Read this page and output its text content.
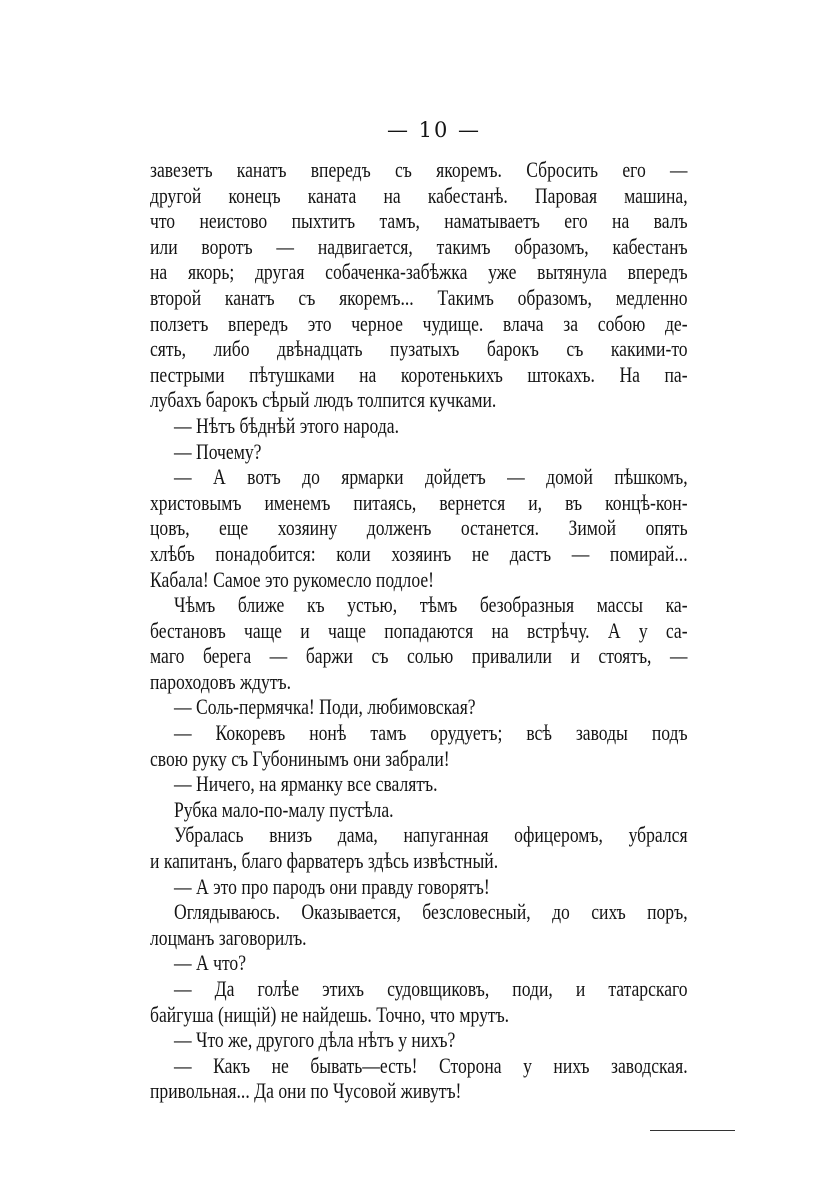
— 10 —
завезетъ канатъ впередъ съ якоремъ. Сбросить его —
другой конецъ каната на кабестанѣ. Паровая машина,
что неистово пыхтитъ тамъ, наматываетъ его на валъ
или воротъ — надвигается, такимъ образомъ, кабестанъ
на якорь; другая собаченка-забѣжка уже вытянула впередъ
второй канатъ съ якоремъ... Такимъ образомъ, медленно
ползетъ впередъ это черное чудище. влача за собою де-
сять, либо двѣнадцать пузатыхъ барокъ съ какими-то
пестрыми пѣтушками на коротенькихъ штокахъ. На па-
лубахъ барокъ сѣрый людъ толпится кучками.
— Нѣтъ бѣднѣй этого народа.
— Почему?
— А вотъ до ярмарки дойдетъ — домой пѣшкомъ,
христовымъ именемъ питаясь, вернется и, въ концѣ-кон-
цовъ, еще хозяину долженъ останется. Зимой опять
хлѣбъ понадобится: коли хозяинъ не дастъ — помирай...
Кабала! Самое это рукомесло подлое!
Чѣмъ ближе къ устью, тѣмъ безобразныя массы ка-
бестановъ чаще и чаще попадаются на встрѣчу. А у са-
маго берега — баржи съ солью привалили и стоятъ, —
пароходовъ ждутъ.
— Соль-пермячка! Поди, любимовская?
— Кокоревъ нонѣ тамъ орудуетъ; всѣ заводы подъ
свою руку съ Губонинымъ они забрали!
— Ничего, на ярманку все свалятъ.
Рубка мало-по-малу пустѣла.
Убралась внизъ дама, напуганная офицеромъ, убрался
и капитанъ, благо фарватеръ здѣсь извѣстный.
— А это про пародъ они правду говорятъ!
Оглядываюсь. Оказывается, безсловесный, до сихъ поръ,
лоцманъ заговорилъ.
— А что?
— Да голѣе этихъ судовщиковъ, поди, и татарскаго
байгуша (нищій) не найдешь. Точно, что мрутъ.
— Что же, другого дѣла нѣтъ у нихъ?
— Какъ не бывать—есть! Сторона у нихъ заводская.
привольная... Да они по Чусовой живутъ!
